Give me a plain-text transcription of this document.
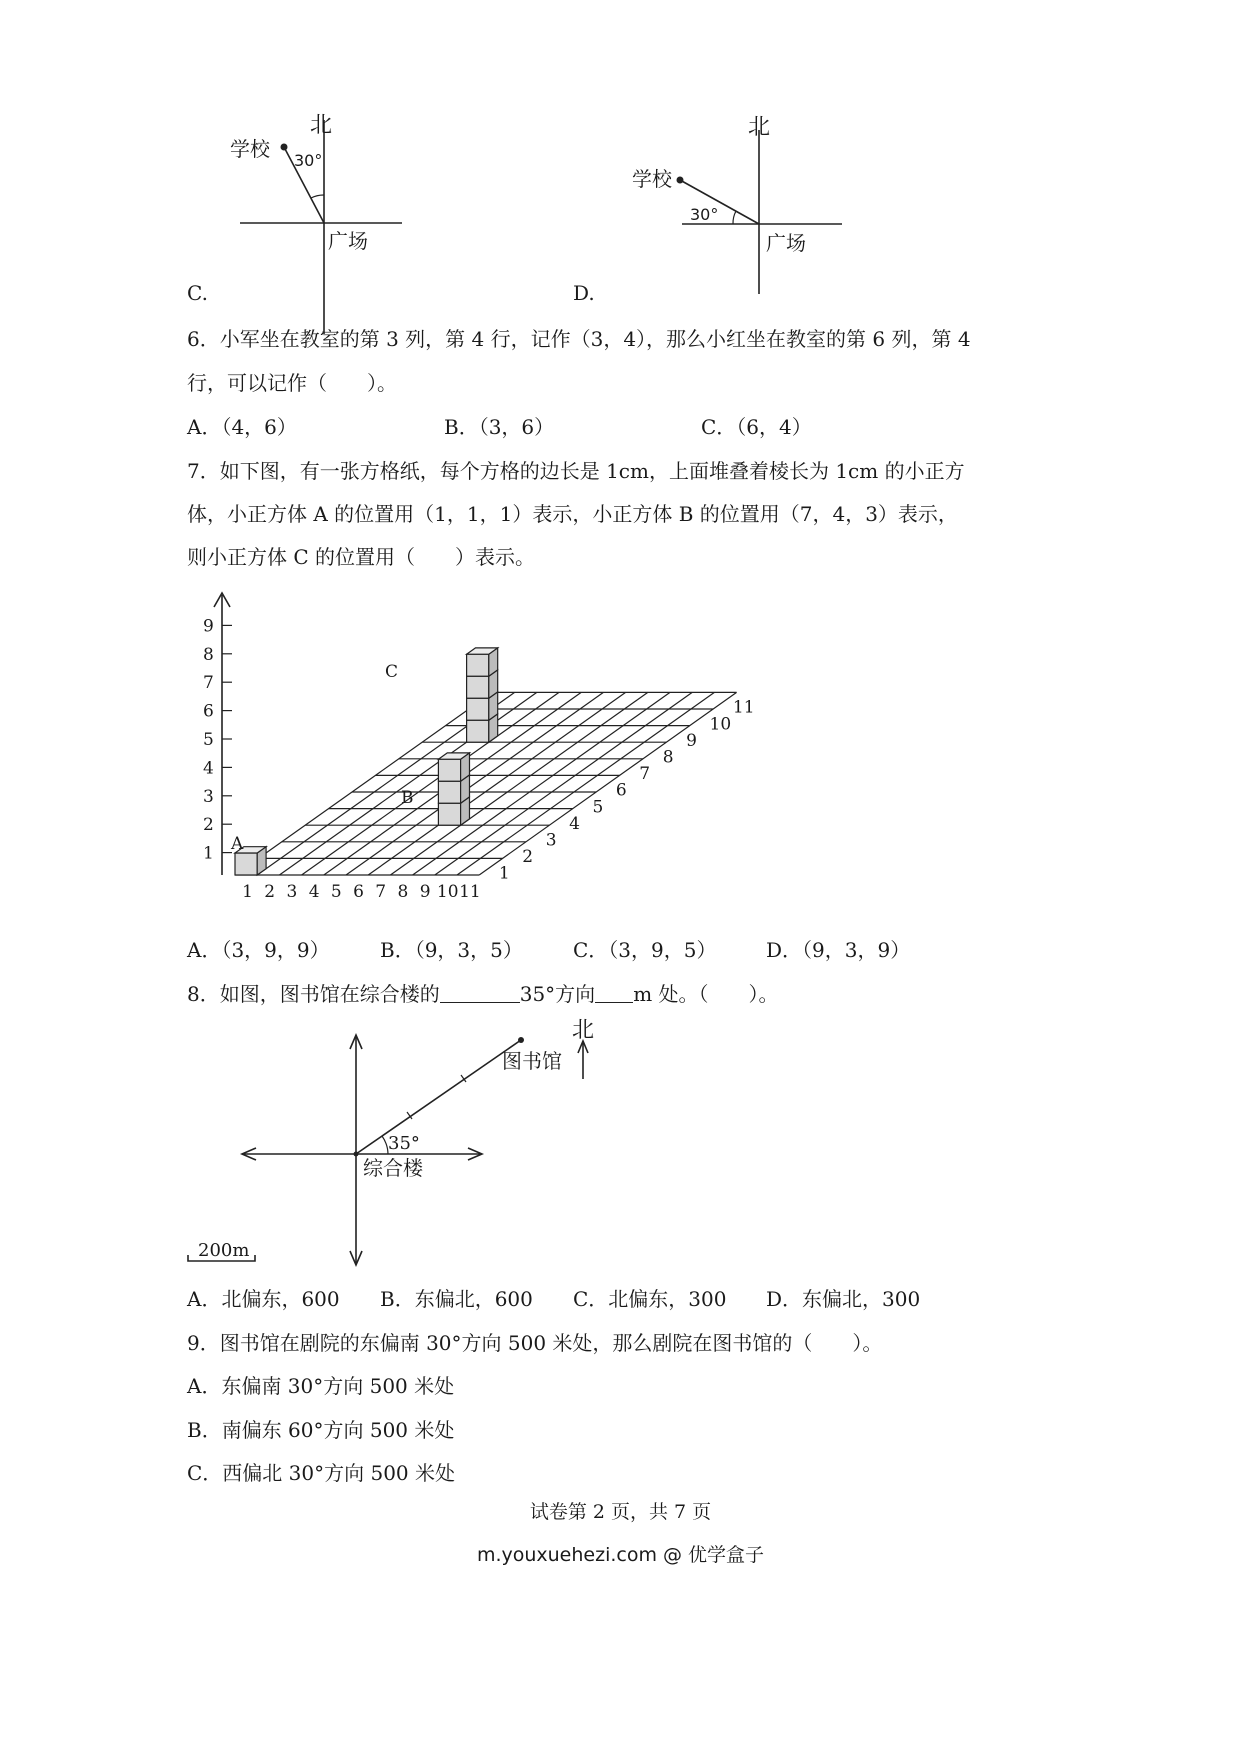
北
学校 30°
广场
C.
北
学校
30°
广场
D.
6．小军坐在教室的第 3 列，第 4 行，记作（3，4），那么小红坐在教室的第 6 列，第 4
行，可以记作（　　）。
A．（4，6）	B．（3，6）	C．（6，4）
7．如下图，有一张方格纸，每个方格的边长是 1cm，上面堆叠着棱长为 1cm 的小正方
体，小正方体 A 的位置用（1，1，1）表示，小正方体 B 的位置用（7，4，3）表示，
则小正方体 C 的位置用（　　）表示。
1
2
3
4
5
6
7
8
9
1 2 3 4 5 6 7 8 9 10 11
1
2
3
4
5
6
7
8
9
10
11
A
B
C
A．（3，9，9）	B．（9，3，5）	C．（3，9，5） D．（9，3，9）
8．如图，图书馆在综合楼的	35°方向 m 处。（　　）。
35°
图书馆
综合楼
北
200m
A．北偏东，600 B．东偏北，600 C．北偏东，300 D．东偏北，300
9．图书馆在剧院的东偏南 30°方向 500 米处，那么剧院在图书馆的（　　）。
A．东偏南 30°方向 500 米处
B．南偏东 60°方向 500 米处
C．西偏北 30°方向 500 米处
试卷第 2 页，共 7 页
m.youxuehezi.com @ 优学盒子
